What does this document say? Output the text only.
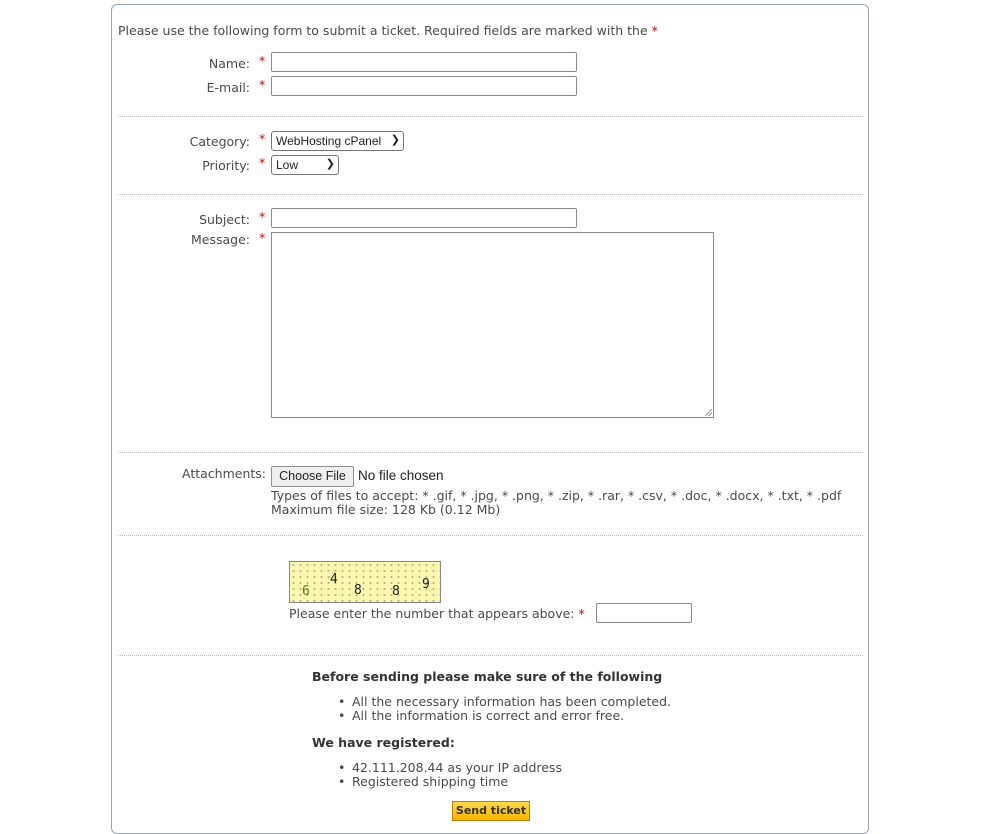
Please use the following form to submit a ticket. Required fields are marked with the *
Name: *
E-mail: *
Category: * WebHosting cPanel ❯
Priority: * Low	❯
Subject: *
Message: *
Attachments:	Choose File No file chosen
Types of files to accept: * .gif, * .jpg, * .png, * .zip, * .rar, * .csv, * .doc, * .docx, * .txt, * .pdf
Maximum file size: 128 Kb (0.12 Mb)
6
4
8 8 9
Please enter the number that appears above: *
Before sending please make sure of the following
• All the necessary information has been completed.
• All the information is correct and error free.
We have registered:
• 42.111.208.44 as your IP address
• Registered shipping time
Send ticket
